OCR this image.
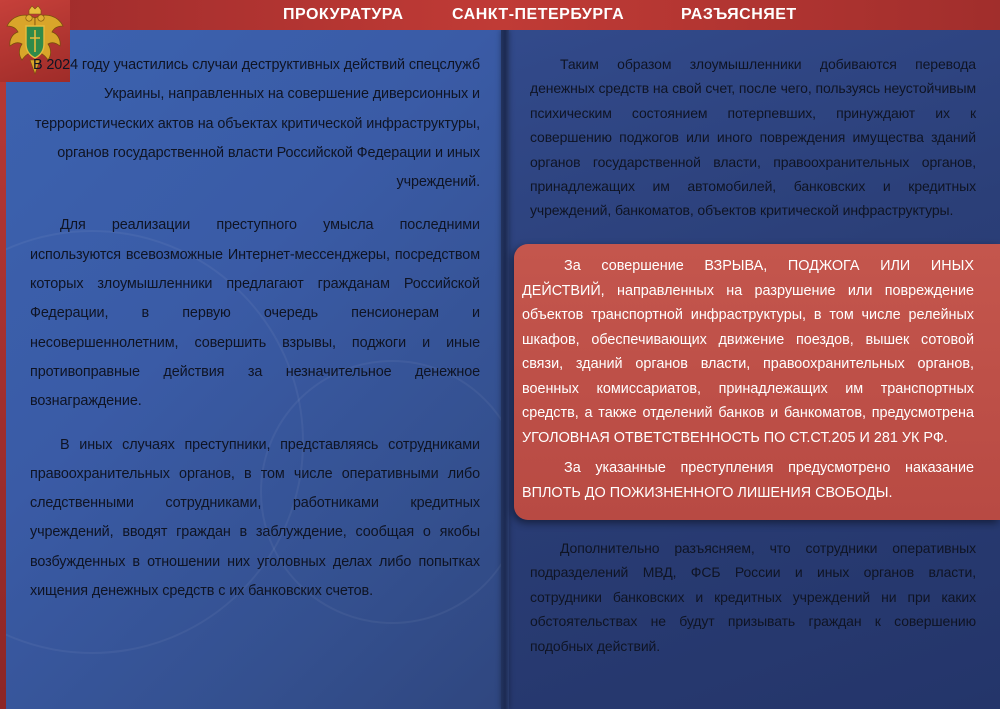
ПРОКУРАТУРА	САНКТ-ПЕТЕРБУРГА	РАЗЪЯСНЯЕТ

В 2024 году участились случаи деструктивных действий спецслужб Украины, направленных на совершение диверсионных и террористических актов на объектах критической инфраструктуры, органов государственной власти Российской Федерации и иных учреждений.

Для реализации преступного умысла последними используются всевозможные Интернет-мессенджеры, посредством которых злоумышленники предлагают гражданам Российской Федерации, в первую очередь пенсионерам и несовершеннолетним, совершить взрывы, поджоги и иные противоправные действия за незначительное денежное вознаграждение.

В иных случаях преступники, представляясь сотрудниками правоохранительных органов, в том числе оперативными либо следственными сотрудниками, работниками кредитных учреждений, вводят граждан в заблуждение, сообщая о якобы возбужденных в отношении них уголовных делах либо попытках хищения денежных средств с их банковских счетов.

Таким образом злоумышленники добиваются перевода денежных средств на свой счет, после чего, пользуясь неустойчивым психическим состоянием потерпевших, принуждают их к совершению поджогов или иного повреждения имущества зданий органов государственной власти, правоохранительных органов, принадлежащих им автомобилей, банковских и кредитных учреждений, банкоматов, объектов критической инфраструктуры.

За совершение ВЗРЫВА, ПОДЖОГА ИЛИ ИНЫХ ДЕЙСТВИЙ, направленных на разрушение или повреждение объектов транспортной инфраструктуры, в том числе релейных шкафов, обеспечивающих движение поездов, вышек сотовой связи, зданий органов власти, правоохранительных органов, военных комиссариатов, принадлежащих им транспортных средств, а также отделений банков и банкоматов, предусмотрена УГОЛОВНАЯ ОТВЕТСТВЕННОСТЬ ПО СТ.СТ.205 И 281 УК РФ.

За указанные преступления предусмотрено наказание ВПЛОТЬ ДО ПОЖИЗНЕННОГО ЛИШЕНИЯ СВОБОДЫ.

Дополнительно разъясняем, что сотрудники оперативных подразделений МВД, ФСБ России и иных органов власти, сотрудники банковских и кредитных учреждений ни при каких обстоятельствах не будут призывать граждан к совершению подобных действий.
